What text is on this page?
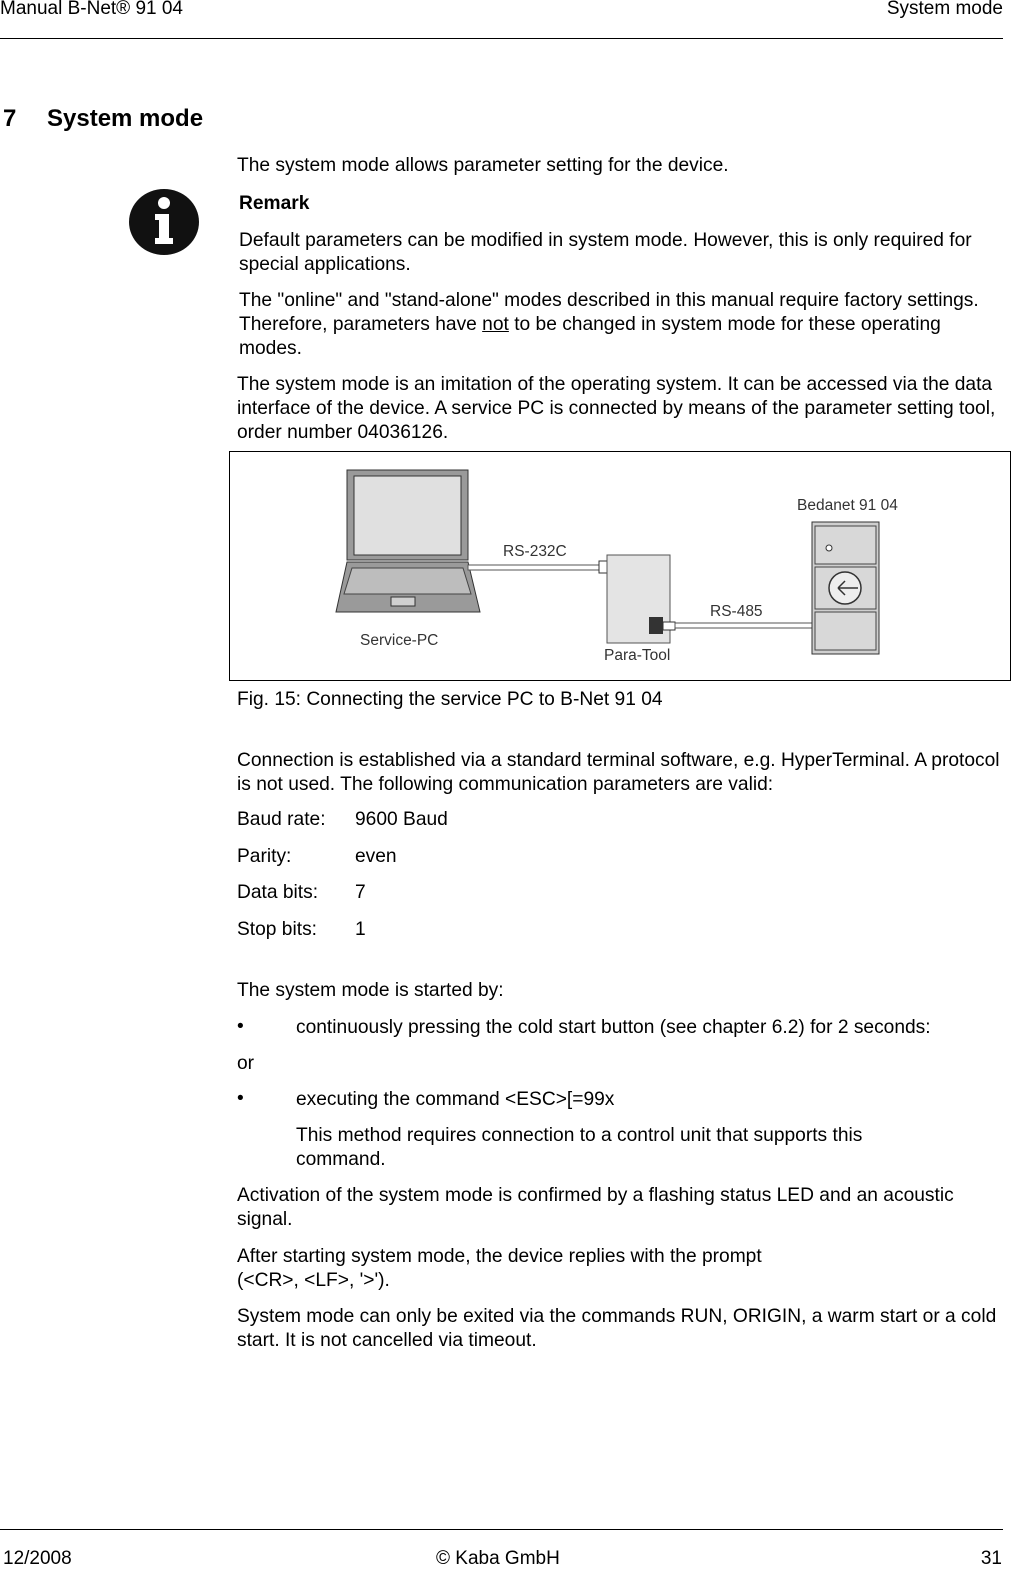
Manual B-Net® 91 04	System mode
7 System mode
The system mode allows parameter setting for the device.
Remark
Default parameters can be modified in system mode. However, this is only required for special applications.
The "online" and "stand-alone" modes described in this manual require factory settings. Therefore, parameters have not to be changed in system mode for these operating modes.
The system mode is an imitation of the operating system. It can be accessed via the data interface of the device. A service PC is connected by means of the parameter setting tool, order number 04036126.
Service-PC
RS-232C
Para-Tool
RS-485
Bedanet 91 04
Fig. 15: Connecting the service PC to B-Net 91 04
Connection is established via a standard terminal software, e.g. HyperTerminal. A protocol is not used. The following communication parameters are valid:
Baud rate: 9600 Baud
Parity:	even
Data bits: 7
Stop bits: 1
The system mode is started by:
•	continuously pressing the cold start button (see chapter 6.2) for 2 seconds:
or
•	executing the command <ESC>[=99x
This method requires connection to a control unit that supports this command.
Activation of the system mode is confirmed by a flashing status LED and an acoustic signal.
After starting system mode, the device replies with the prompt
(<CR>, <LF>, '>').
System mode can only be exited via the commands RUN, ORIGIN, a warm start or a cold start. It is not cancelled via timeout.
12/2008	© Kaba GmbH	31
